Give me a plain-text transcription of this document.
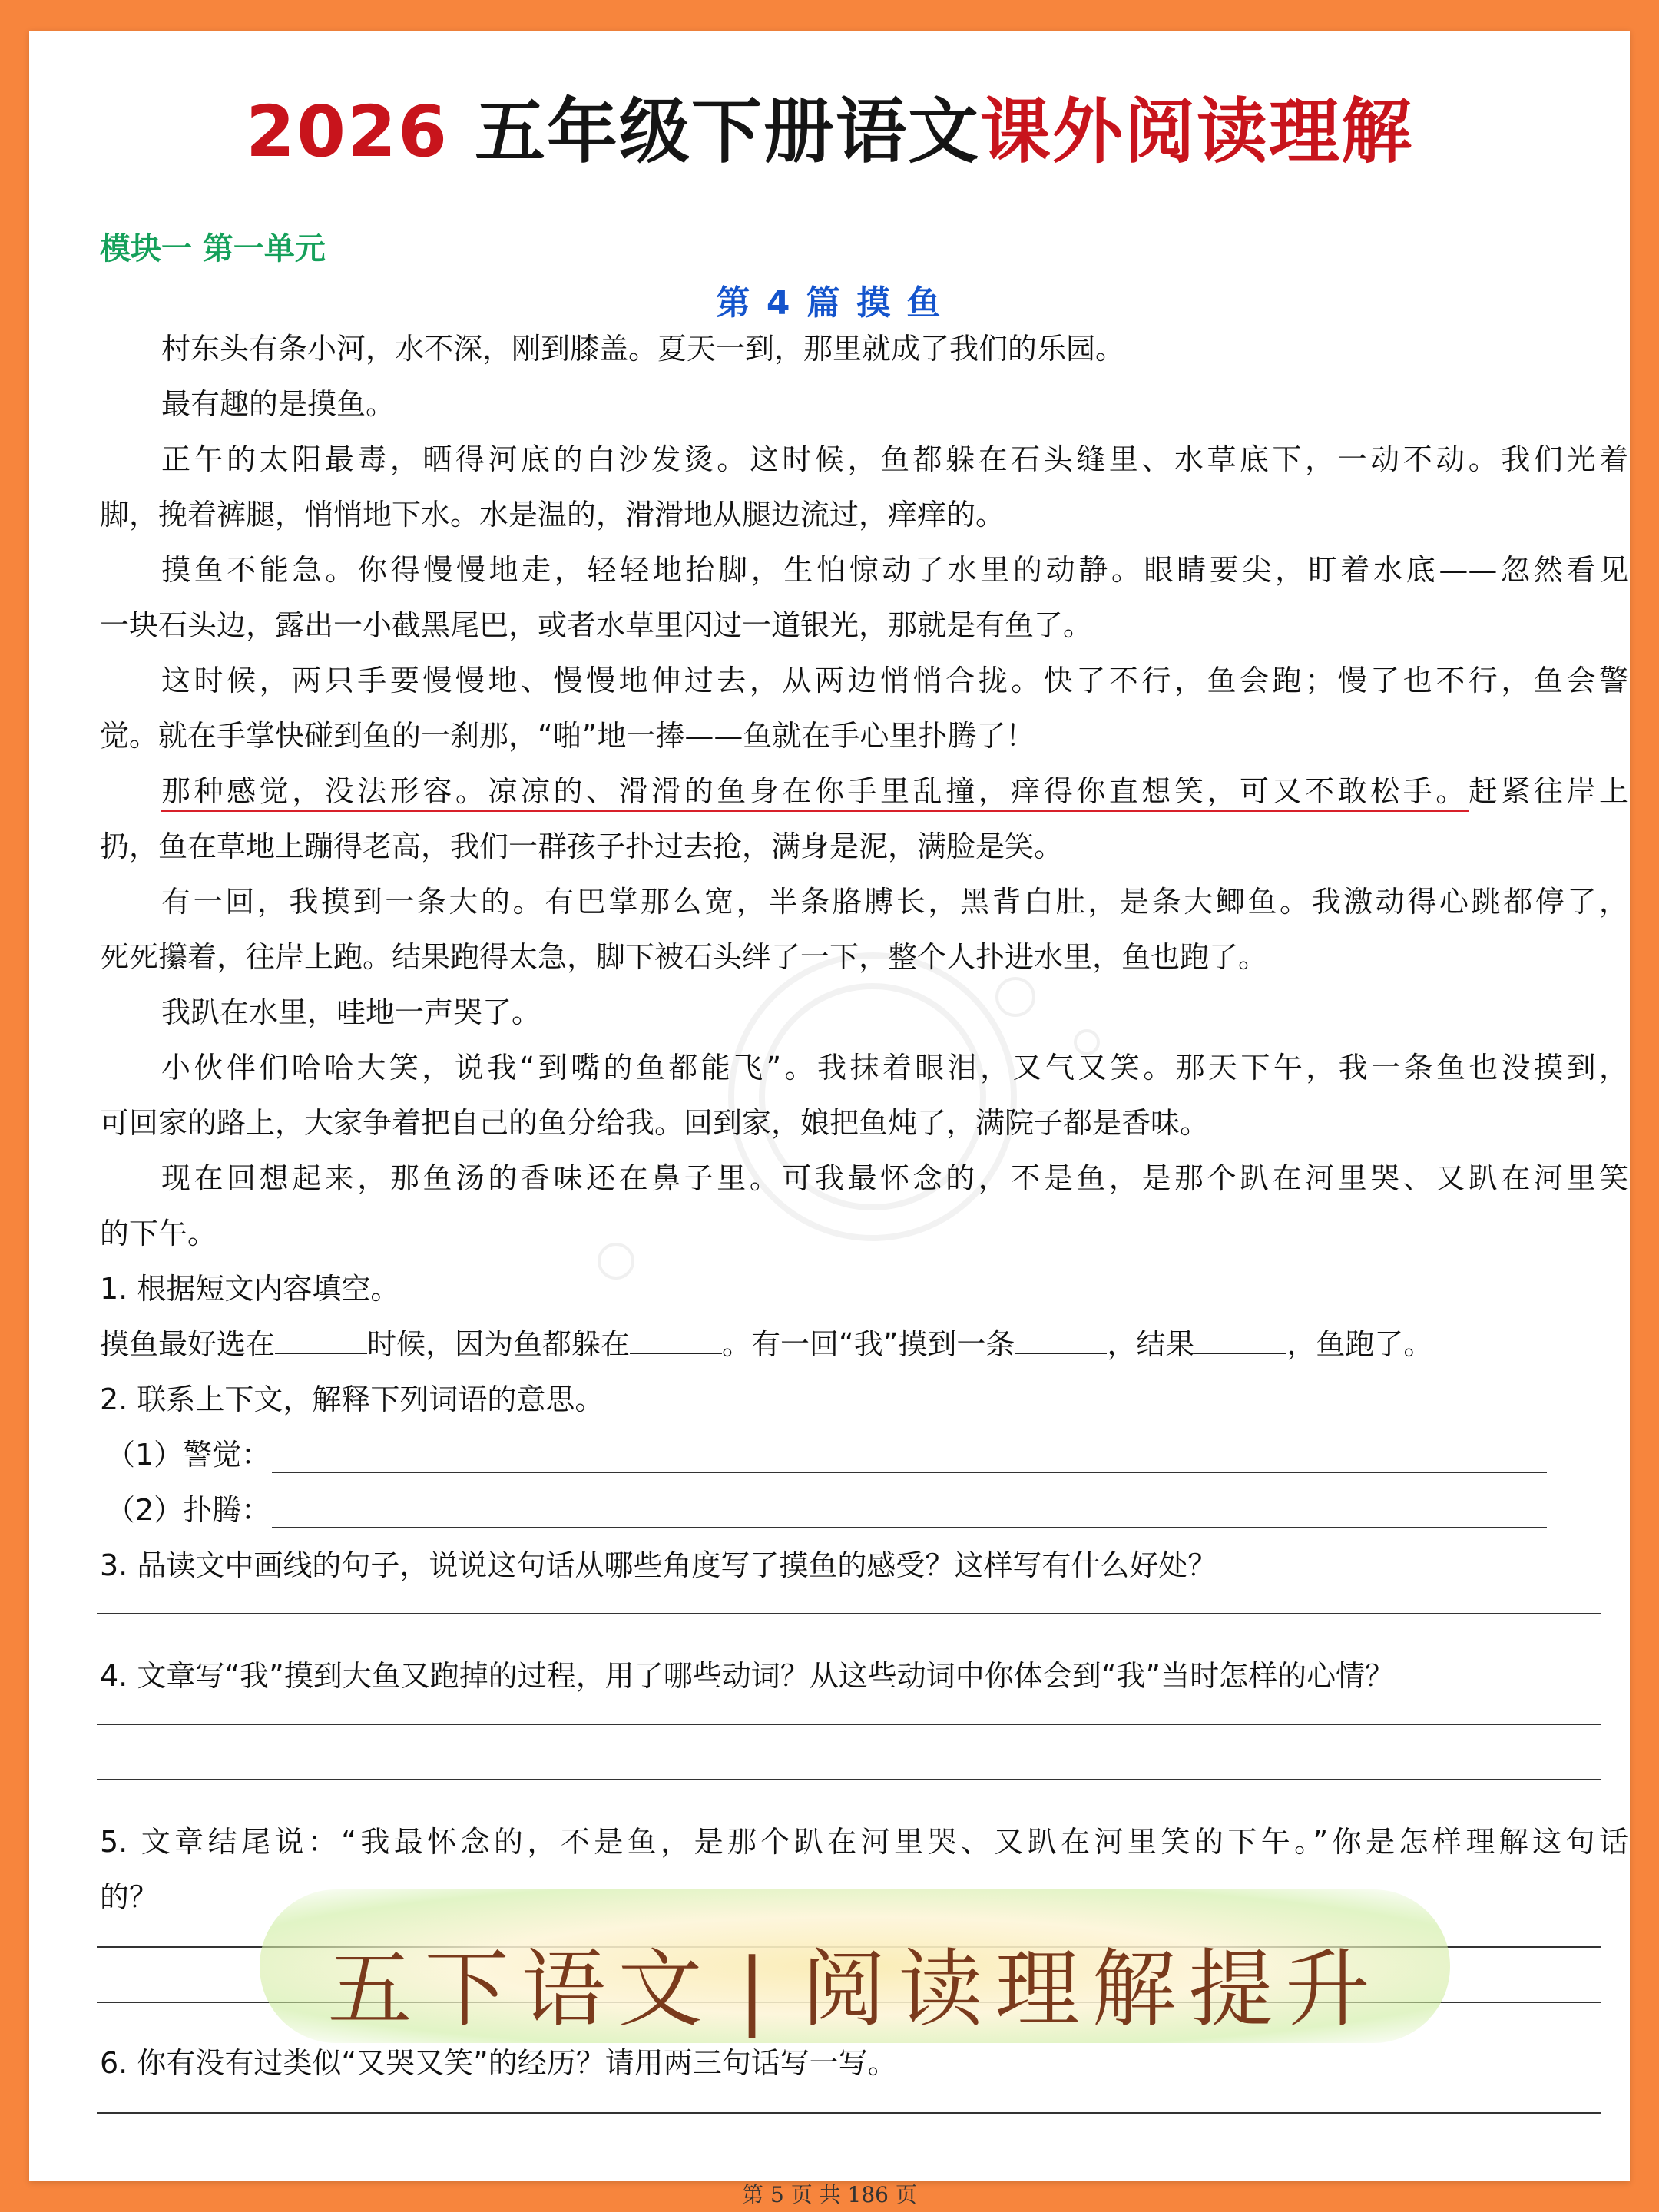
2026 五年级下册语文课外阅读理解
模块一 第一单元
第 4 篇 摸 鱼
村东头有条小河，水不深，刚到膝盖。夏天一到，那里就成了我们的乐园。
最有趣的是摸鱼。
正午的太阳最毒，晒得河底的白沙发烫。这时候，鱼都躲在石头缝里、水草底下，一动不动。我们光着
脚，挽着裤腿，悄悄地下水。水是温的，滑滑地从腿边流过，痒痒的。
摸鱼不能急。你得慢慢地走，轻轻地抬脚，生怕惊动了水里的动静。眼睛要尖，盯着水底——忽然看见
一块石头边，露出一小截黑尾巴，或者水草里闪过一道银光，那就是有鱼了。
这时候，两只手要慢慢地、慢慢地伸过去，从两边悄悄合拢。快了不行，鱼会跑；慢了也不行，鱼会警
觉。就在手掌快碰到鱼的一刹那，“啪”地一捧——鱼就在手心里扑腾了！
那种感觉，没法形容。凉凉的、滑滑的鱼身在你手里乱撞，痒得你直想笑，可又不敢松手。赶紧往岸上
扔，鱼在草地上蹦得老高，我们一群孩子扑过去抢，满身是泥，满脸是笑。
有一回，我摸到一条大的。有巴掌那么宽，半条胳膊长，黑背白肚，是条大鲫鱼。我激动得心跳都停了，
死死攥着，往岸上跑。结果跑得太急，脚下被石头绊了一下，整个人扑进水里，鱼也跑了。
我趴在水里，哇地一声哭了。
小伙伴们哈哈大笑，说我“到嘴的鱼都能飞”。我抹着眼泪，又气又笑。那天下午，我一条鱼也没摸到，
可回家的路上，大家争着把自己的鱼分给我。回到家，娘把鱼炖了，满院子都是香味。
现在回想起来，那鱼汤的香味还在鼻子里。可我最怀念的，不是鱼，是那个趴在河里哭、又趴在河里笑
的下午。
1. 根据短文内容填空。
摸鱼最好选在	时候，因为鱼都躲在	。有一回“我”摸到一条	，结果	，鱼跑了。
2. 联系上下文，解释下列词语的意思。
（1）警觉：
（2）扑腾：
3. 品读文中画线的句子，说说这句话从哪些角度写了摸鱼的感受？这样写有什么好处？
4. 文章写“我”摸到大鱼又跑掉的过程，用了哪些动词？从这些动词中你体会到“我”当时怎样的心情？
5. 文章结尾说：“我最怀念的，不是鱼，是那个趴在河里哭、又趴在河里笑的下午。”你是怎样理解这句话
的？
6. 你有没有过类似“又哭又笑”的经历？请用两三句话写一写。
五下语文 | 阅读理解提升
第 5 页 共 186 页
